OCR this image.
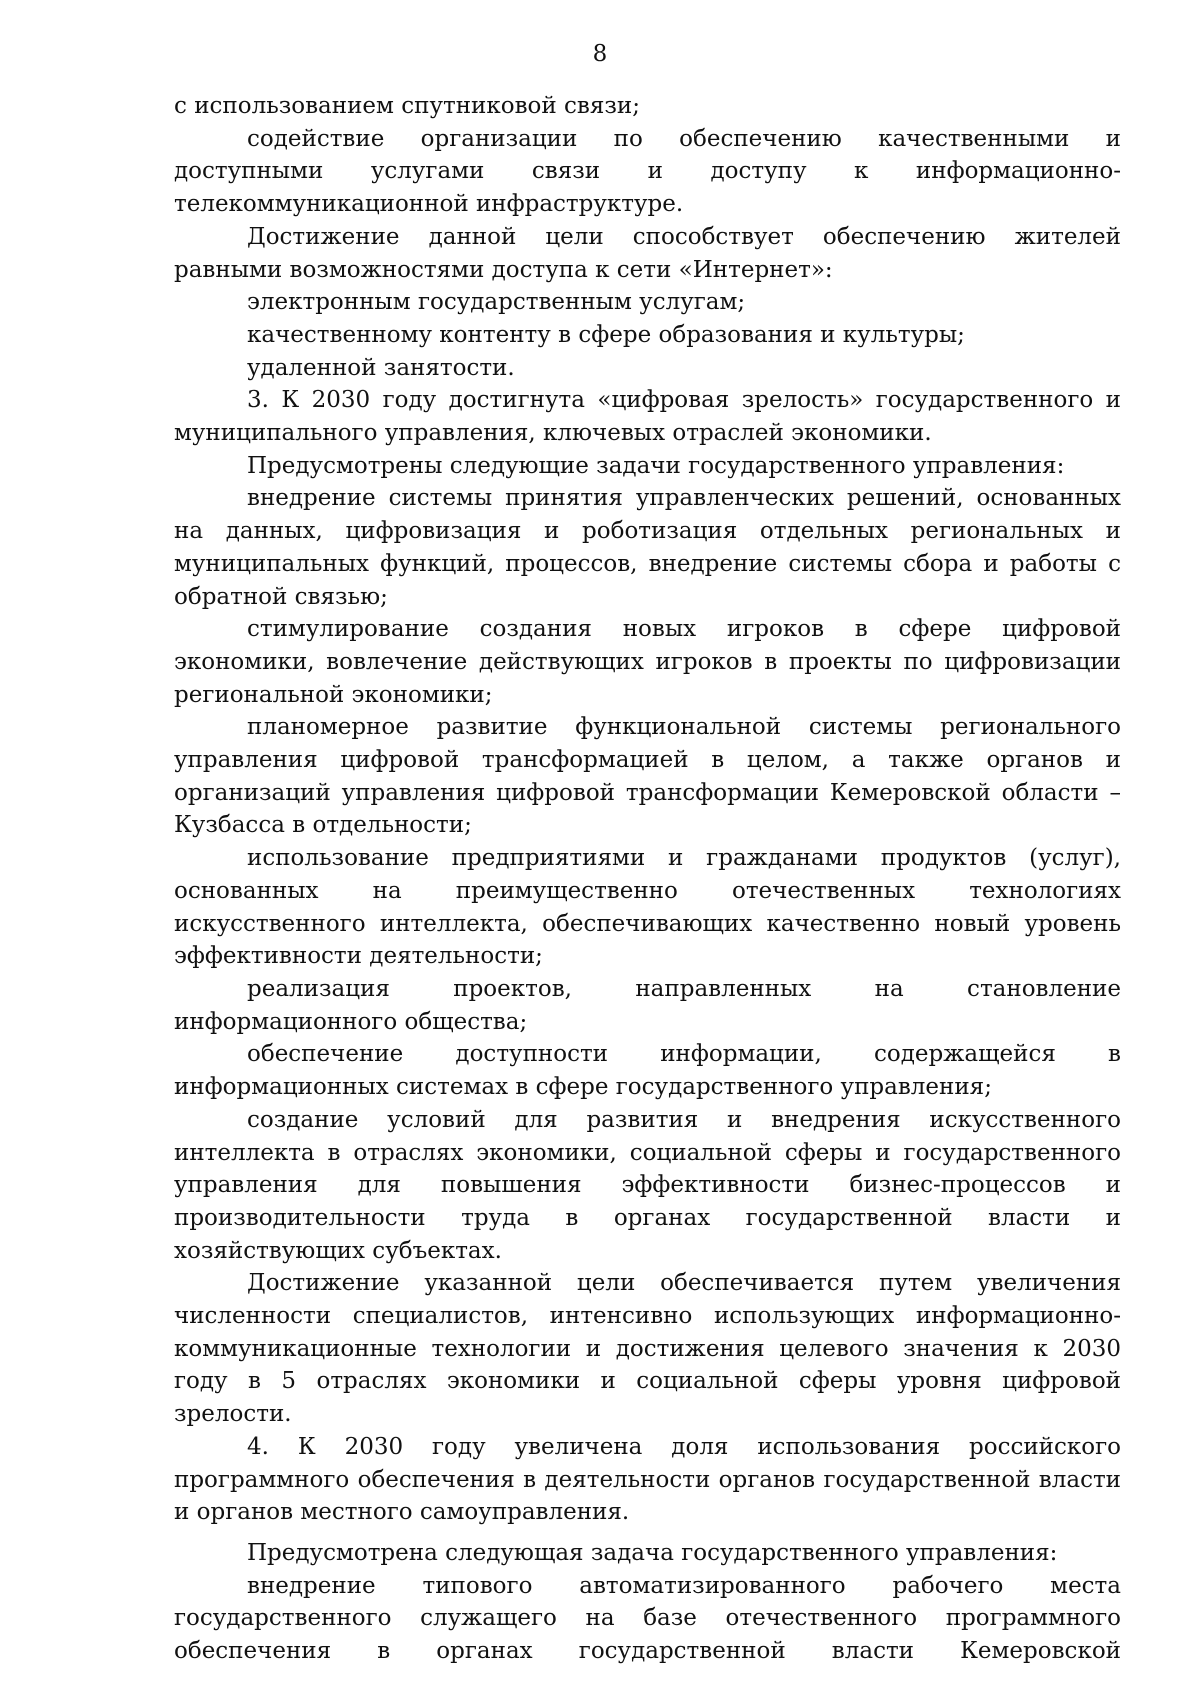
8

с использованием спутниковой связи;

содействие организации по обеспечению качественными и доступными услугами связи и доступу к информационно-телекоммуникационной инфраструктуре.

Достижение данной цели способствует обеспечению жителей равными возможностями доступа к сети «Интернет»:

электронным государственным услугам;

качественному контенту в сфере образования и культуры;

удаленной занятости.

3. К 2030 году достигнута «цифровая зрелость» государственного и муниципального управления, ключевых отраслей экономики.

Предусмотрены следующие задачи государственного управления:

внедрение системы принятия управленческих решений, основанных на данных, цифровизация и роботизация отдельных региональных и муниципальных функций, процессов, внедрение системы сбора и работы с обратной связью;

стимулирование создания новых игроков в сфере цифровой экономики, вовлечение действующих игроков в проекты по цифровизации региональной экономики;

планомерное развитие функциональной системы регионального управления цифровой трансформацией в целом, а также органов и организаций управления цифровой трансформации Кемеровской области – Кузбасса в отдельности;

использование предприятиями и гражданами продуктов (услуг), основанных на преимущественно отечественных технологиях искусственного интеллекта, обеспечивающих качественно новый уровень эффективности деятельности;

реализация проектов, направленных на становление информационного общества;

обеспечение доступности информации, содержащейся в информационных системах в сфере государственного управления;

создание условий для развития и внедрения искусственного интеллекта в отраслях экономики, социальной сферы и государственного управления для повышения эффективности бизнес-процессов и производительности труда в органах государственной власти и хозяйствующих субъектах.

Достижение указанной цели обеспечивается путем увеличения численности специалистов, интенсивно использующих информационно-коммуникационные технологии и достижения целевого значения к 2030 году в 5 отраслях экономики и социальной сферы уровня цифровой зрелости.

4. К 2030 году увеличена доля использования российского программного обеспечения в деятельности органов государственной власти и органов местного самоуправления.

Предусмотрена следующая задача государственного управления:

внедрение типового автоматизированного рабочего места государственного служащего на базе отечественного программного обеспечения в органах государственной власти Кемеровской
